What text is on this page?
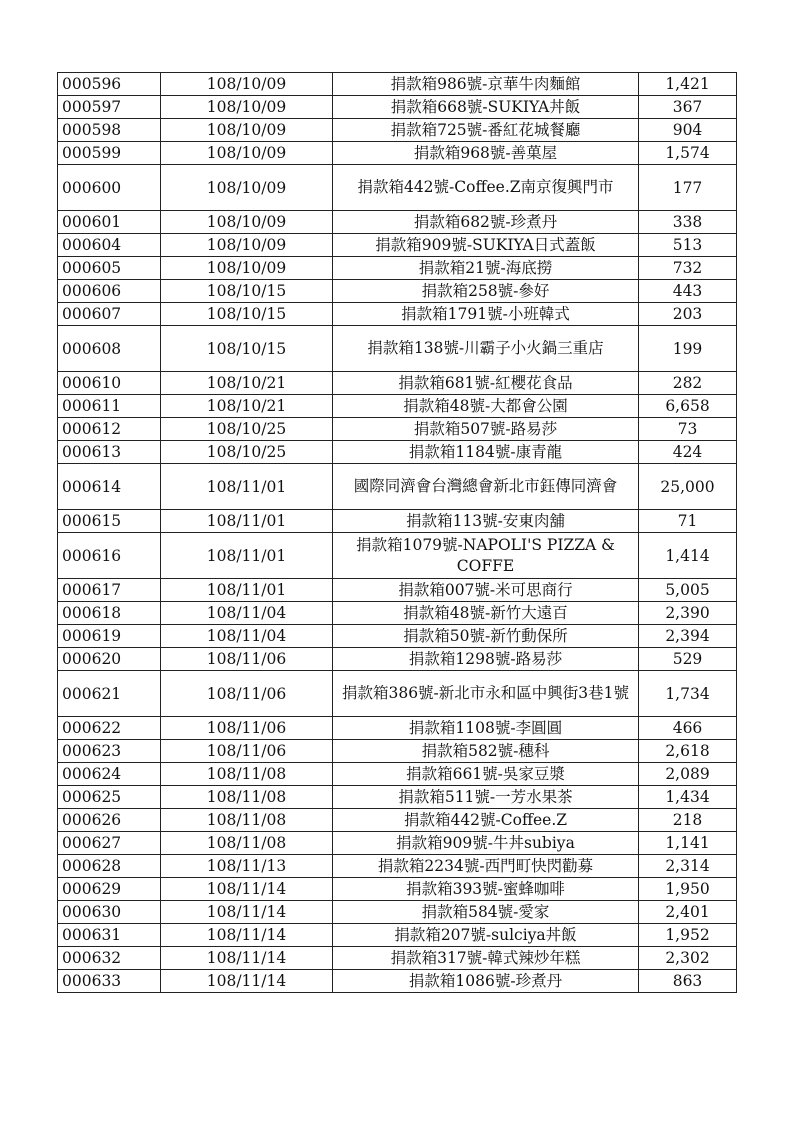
000596	108/10/09	捐款箱986號-京華牛肉麵館	1,421
000597	108/10/09	捐款箱668號-SUKIYA丼飯	367
000598	108/10/09	捐款箱725號-番紅花城餐廳	904
000599	108/10/09	捐款箱968號-善菓屋	1,574
000600	108/10/09	捐款箱442號-Coffee.Z南京復興門市	177
000601	108/10/09	捐款箱682號-珍煮丹	338
000604	108/10/09	捐款箱909號-SUKIYA日式蓋飯	513
000605	108/10/09	捐款箱21號-海底撈	732
000606	108/10/15	捐款箱258號-參好	443
000607	108/10/15	捐款箱1791號-小班韓式	203
000608	108/10/15	捐款箱138號-川霸子小火鍋三重店	199
000610	108/10/21	捐款箱681號-紅櫻花食品	282
000611	108/10/21	捐款箱48號-大都會公園	6,658
000612	108/10/25	捐款箱507號-路易莎	73
000613	108/10/25	捐款箱1184號-康青龍	424
000614	108/11/01	國際同濟會台灣總會新北市鈺傳同濟會	25,000
000615	108/11/01	捐款箱113號-安東肉舖	71
000616	108/11/01	捐款箱1079號-NAPOLI'S PIZZA & COFFE	1,414
000617	108/11/01	捐款箱007號-米可思商行	5,005
000618	108/11/04	捐款箱48號-新竹大遠百	2,390
000619	108/11/04	捐款箱50號-新竹動保所	2,394
000620	108/11/06	捐款箱1298號-路易莎	529
000621	108/11/06	捐款箱386號-新北市永和區中興街3巷1號	1,734
000622	108/11/06	捐款箱1108號-李圓圓	466
000623	108/11/06	捐款箱582號-穗科	2,618
000624	108/11/08	捐款箱661號-吳家豆漿	2,089
000625	108/11/08	捐款箱511號-一芳水果茶	1,434
000626	108/11/08	捐款箱442號-Coffee.Z	218
000627	108/11/08	捐款箱909號-牛丼subiya	1,141
000628	108/11/13	捐款箱2234號-西門町快閃勸募	2,314
000629	108/11/14	捐款箱393號-蜜蜂咖啡	1,950
000630	108/11/14	捐款箱584號-愛家	2,401
000631	108/11/14	捐款箱207號-sulciya丼飯	1,952
000632	108/11/14	捐款箱317號-韓式辣炒年糕	2,302
000633	108/11/14	捐款箱1086號-珍煮丹	863
